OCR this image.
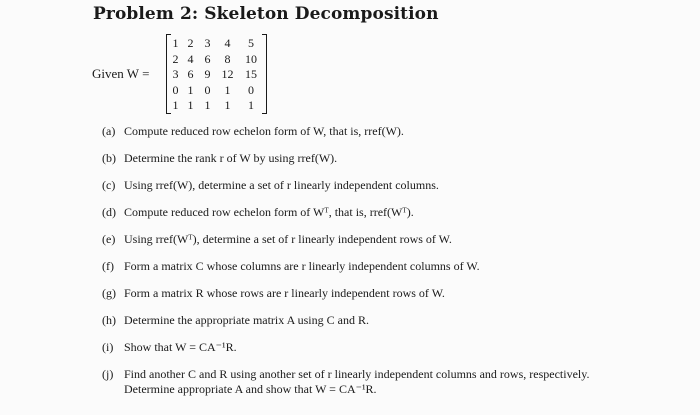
Problem 2: Skeleton Decomposition
Given W =
1 2 3	4	5
2 4 6	8	10
3 6 9 12 15
0 1 0	1	0
1 1 1	1	1
(a) Compute reduced row echelon form of W, that is, rref(W).
(b) Determine the rank r of W by using rref(W).
(c) Using rref(W), determine a set of r linearly independent columns.
(d) Compute reduced row echelon form of Wᵀ, that is, rref(Wᵀ).
(e) Using rref(Wᵀ), determine a set of r linearly independent rows of W.
(f) Form a matrix C whose columns are r linearly independent columns of W.
(g) Form a matrix R whose rows are r linearly independent rows of W.
(h) Determine the appropriate matrix A using C and R.
(i) Show that W = CA⁻¹R.
(j) Find another C and R using another set of r linearly independent columns and rows, respectively. Determine appropriate A and show that W = CA⁻¹R.
